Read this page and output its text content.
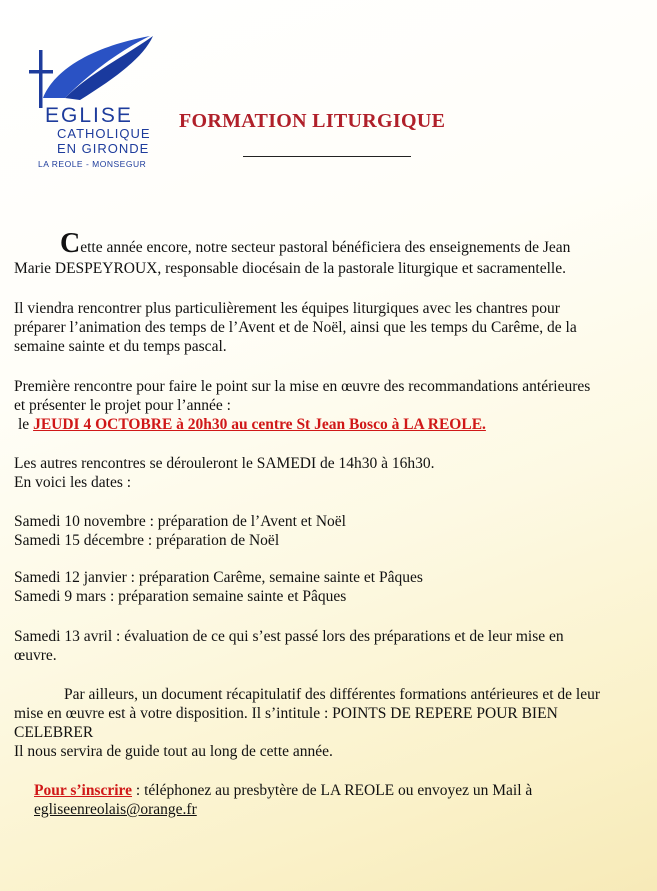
EGLISE
CATHOLIQUE
EN GIRONDE
LA REOLE - MONSEGUR
FORMATION LITURGIQUE
Cette année encore, notre secteur pastoral bénéficiera des enseignements de Jean
Marie DESPEYROUX, responsable diocésain de la pastorale liturgique et sacramentelle.
Il viendra rencontrer plus particulièrement les équipes liturgiques avec les chantres pour
préparer l’animation des temps de l’Avent et de Noël, ainsi que les temps du Carême, de la
semaine sainte et du temps pascal.
Première rencontre pour faire le point sur la mise en œuvre des recommandations antérieures
et présenter le projet pour l’année :
le JEUDI 4 OCTOBRE à 20h30 au centre St Jean Bosco à LA REOLE.
Les autres rencontres se dérouleront le SAMEDI de 14h30 à 16h30.
En voici les dates :
Samedi 10 novembre : préparation de l’Avent et Noël
Samedi 15 décembre : préparation de Noël
Samedi 12 janvier : préparation Carême, semaine sainte et Pâques
Samedi 9 mars : préparation semaine sainte et Pâques
Samedi 13 avril : évaluation de ce qui s’est passé lors des préparations et de leur mise en
œuvre.
Par ailleurs, un document récapitulatif des différentes formations antérieures et de leur
mise en œuvre est à votre disposition. Il s’intitule : POINTS DE REPERE POUR BIEN
CELEBRER
Il nous servira de guide tout au long de cette année.
Pour s’inscrire : téléphonez au presbytère de LA REOLE ou envoyez un Mail à
egliseenreolais@orange.fr
